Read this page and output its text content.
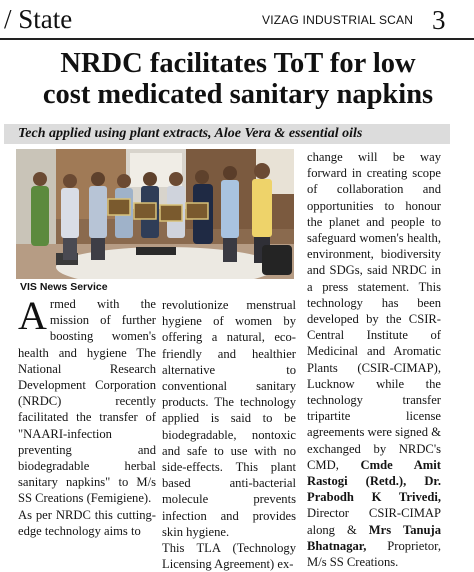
/ State	VIZAG INDUSTRIAL SCAN 3
NRDC facilitates ToT for low
cost medicated sanitary napkins
Tech applied using plant extracts, Aloe Vera & essential oils
VIS News Service

Armed with the mission of further boosting women's health and hygiene The National Research Development Corporation (NRDC) recently facilitated the transfer of "NAARI-infection preventing and biodegradable herbal sanitary napkins" to M/s SS Creations (Femigiene).

As per NRDC this cutting-edge technology aims to

revolutionize menstrual hygiene of women by offering a natural, eco-friendly and healthier alternative to conventional sanitary products. The technology applied is said to be biodegradable, nontoxic and safe to use with no side-effects. This plant based anti-bacterial molecule prevents infection and provides skin hygiene.

This TLA (Technology Licensing Agreement) ex-

change will be way forward in creating scope of collaboration and opportunities to honour the planet and people to safeguard women's health, environment, biodiversity and SDGs, said NRDC in a press statement. This technology has been developed by the CSIR-Central Institute of Medicinal and Aromatic Plants (CSIR-CIMAP), Lucknow while the technology transfer tripartite license agreements were signed & exchanged by NRDC's CMD, Cmde Amit Rastogi (Retd.), Dr. Prabodh K Trivedi, Director CSIR-CIMAP along & Mrs Tanuja Bhatnagar, Proprietor, M/s SS Creations.
